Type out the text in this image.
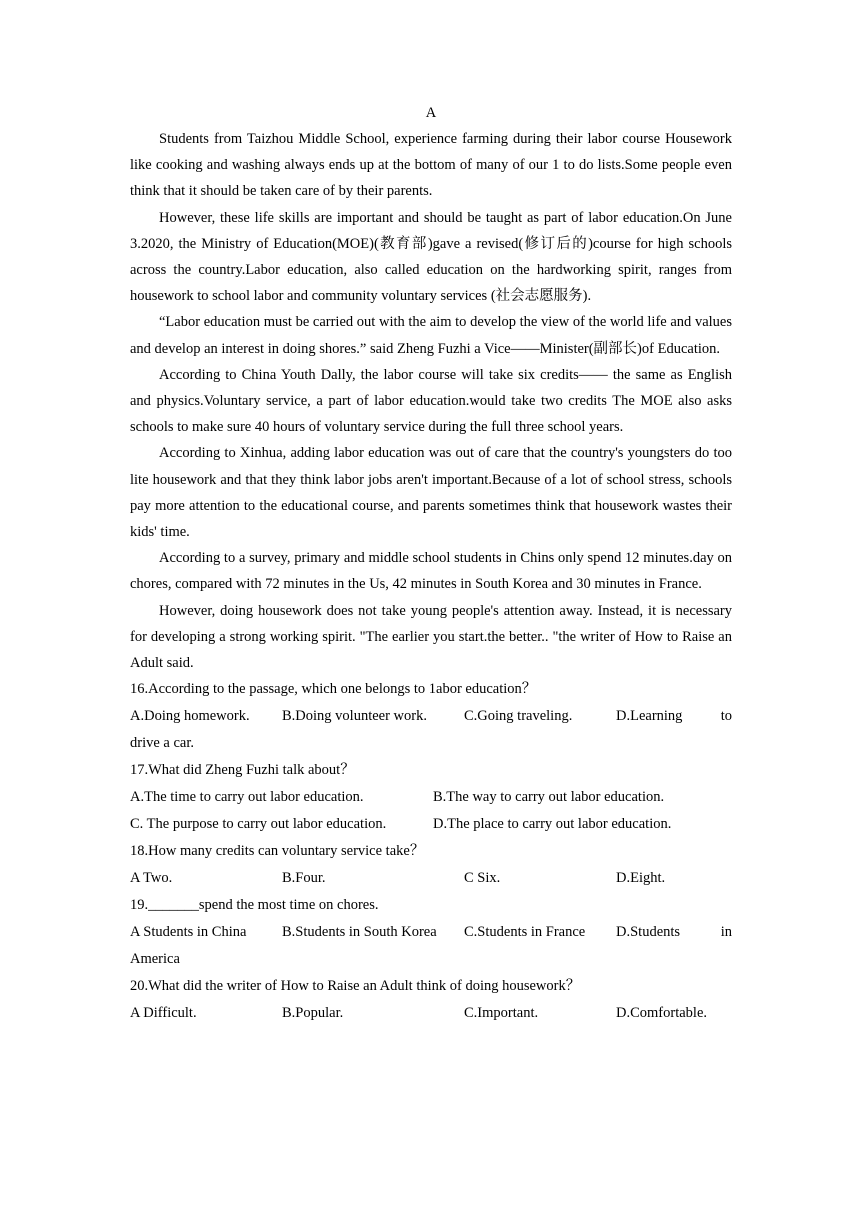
A

Students from Taizhou Middle School, experience farming during their labor course Housework like cooking and washing always ends up at the bottom of many of our 1 to do lists.Some people even think that it should be taken care of by their parents.

However, these life skills are important and should be taught as part of labor education.On June 3.2020, the Ministry of Education(MOE)(教育部)gave a revised(修订后的)course for high schools across the country.Labor education, also called education on the hardworking spirit, ranges from housework to school labor and community voluntary services (社会志愿服务).

“Labor education must be carried out with the aim to develop the view of the world life and values and develop an interest in doing shores.” said Zheng Fuzhi a Vice——Minister(副部长)of Education.

According to China Youth Dally, the labor course will take six credits—— the same as English and physics.Voluntary service, a part of labor education.would take two credits The MOE also asks schools to make sure 40 hours of voluntary service during the full three school years.

According to Xinhua, adding labor education was out of care that the country's youngsters do too lite housework and that they think labor jobs aren't important.Because of a lot of school stress, schools pay more attention to the educational course, and parents sometimes think that housework wastes their kids' time.

According to a survey, primary and middle school students in Chins only spend 12 minutes.day on chores, compared with 72 minutes in the Us, 42 minutes in South Korea and 30 minutes in France.

However, doing housework does not take young people's attention away. Instead, it is necessary for developing a strong working spirit. "The earlier you start.the better.. "the writer of How to Raise an Adult said.

16.According to the passage, which one belongs to 1abor education？
A.Doing homework.	B.Doing volunteer work.	C.Going traveling.	D.Learning	to
drive a car.
17.What did Zheng Fuzhi talk about？
A.The time to carry out labor education.	B.The way to carry out labor education.
C. The purpose to carry out labor education.	D.The place to carry out labor education.
18.How many credits can voluntary service take？
A Two.	B.Four.	C Six.	D.Eight.
19._______spend the most time on chores.
A Students in China	B.Students in South Korea	C.Students in France	D.Students	in
America
20.What did the writer of How to Raise an Adult think of doing housework？
A Difficult.	B.Popular.	C.Important.	D.Comfortable.
